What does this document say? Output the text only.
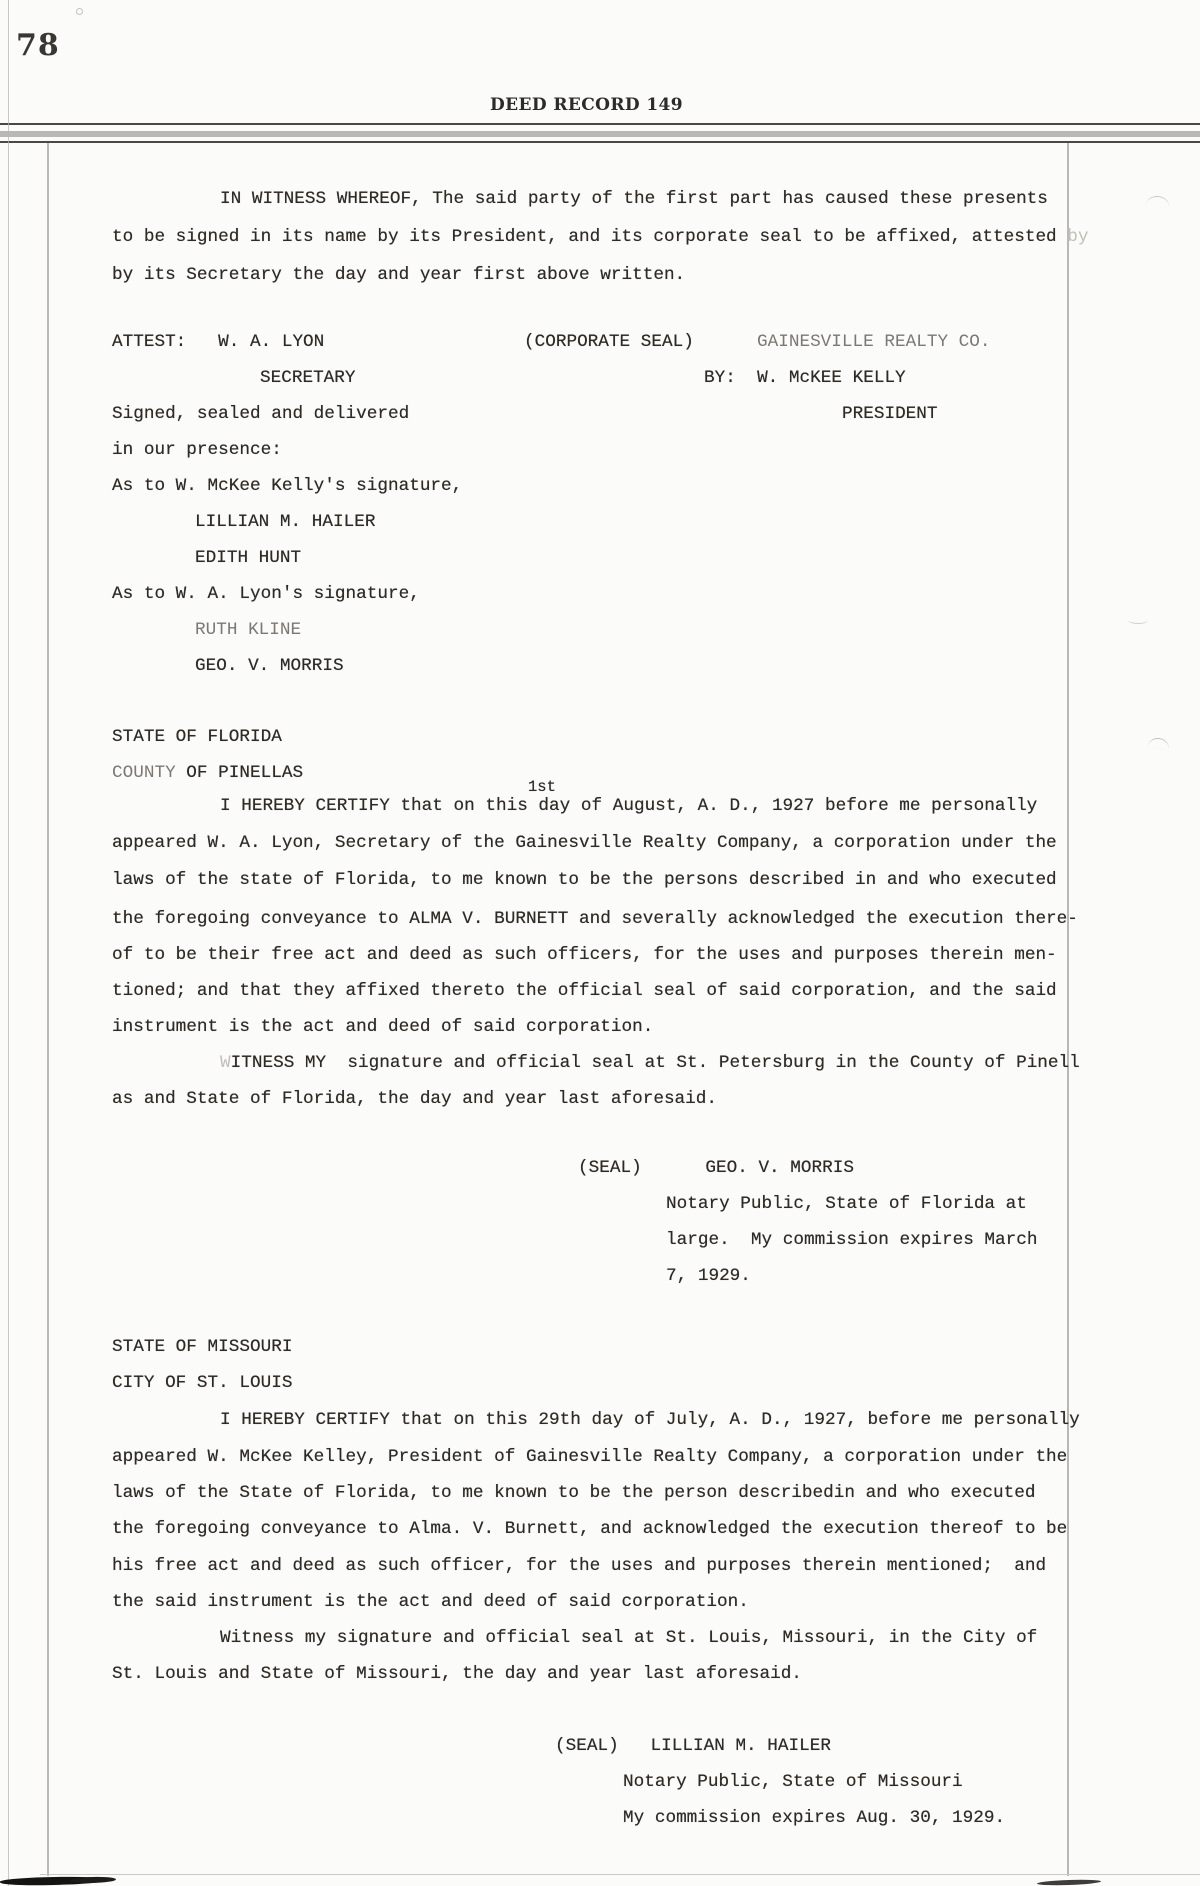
78
DEED RECORD 149
IN WITNESS WHEREOF, The said party of the first part has caused these presents
to be signed in its name by its President, and its corporate seal to be affixed, attested by
by its Secretary the day and year first above written.
ATTEST:   W. A. LYON	(CORPORATE SEAL)	GAINESVILLE REALTY CO.
SECRETARY	BY:  W. McKEE KELLY
Signed, sealed and delivered	PRESIDENT
in our presence:
As to W. McKee Kelly's signature,
LILLIAN M. HAILER
EDITH HUNT
As to W. A. Lyon's signature,
RUTH KLINE
GEO. V. MORRIS
STATE OF FLORIDA
COUNTY OF PINELLAS
1st
I HEREBY CERTIFY that on this day of August, A. D., 1927 before me personally
appeared W. A. Lyon, Secretary of the Gainesville Realty Company, a corporation under the
laws of the state of Florida, to me known to be the persons described in and who executed
the foregoing conveyance to ALMA V. BURNETT and severally acknowledged the execution there-
of to be their free act and deed as such officers, for the uses and purposes therein men-
tioned; and that they affixed thereto the official seal of said corporation, and the said
instrument is the act and deed of said corporation.
WITNESS MY  signature and official seal at St. Petersburg in the County of Pinell
as and State of Florida, the day and year last aforesaid.
(SEAL)      GEO. V. MORRIS
Notary Public, State of Florida at
large.  My commission expires March
7, 1929.
STATE OF MISSOURI
CITY OF ST. LOUIS
I HEREBY CERTIFY that on this 29th day of July, A. D., 1927, before me personally
appeared W. McKee Kelley, President of Gainesville Realty Company, a corporation under the
laws of the State of Florida, to me known to be the person describedin and who executed
the foregoing conveyance to Alma. V. Burnett, and acknowledged the execution thereof to be
his free act and deed as such officer, for the uses and purposes therein mentioned;  and
the said instrument is the act and deed of said corporation.
Witness my signature and official seal at St. Louis, Missouri, in the City of
St. Louis and State of Missouri, the day and year last aforesaid.
(SEAL)   LILLIAN M. HAILER
Notary Public, State of Missouri
My commission expires Aug. 30, 1929.
